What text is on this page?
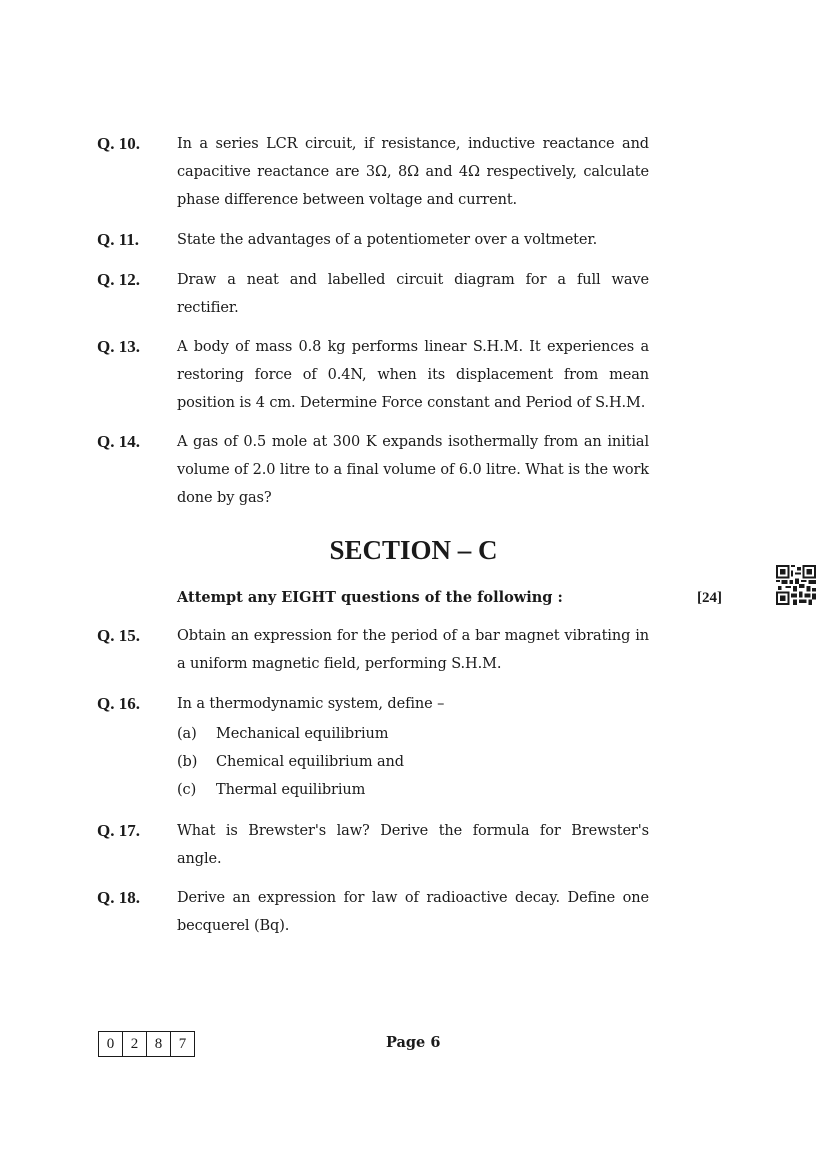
Q. 10.	In a series LCR circuit, if resistance, inductive reactance and capacitive reactance are 3Ω, 8Ω and 4Ω respectively, calculate phase difference between voltage and current.
Q. 11.	State the advantages of a potentiometer over a voltmeter.
Q. 12.	Draw a neat and labelled circuit diagram for a full wave rectifier.
Q. 13.	A body of mass 0.8 kg performs linear S.H.M. It experiences a restoring force of 0.4N, when its displacement from mean position is 4 cm. Determine Force constant and Period of S.H.M.
Q. 14.	A gas of 0.5 mole at 300 K expands isothermally from an initial volume of 2.0 litre to a final volume of 6.0 litre. What is the work done by gas?
SECTION – C
Attempt any EIGHT questions of the following :	[24]
Q. 15.	Obtain an expression for the period of a bar magnet vibrating in a uniform magnetic field, performing S.H.M.
Q. 16.	In a thermodynamic system, define –
(a) Mechanical equilibrium
(b) Chemical equilibrium and
(c) Thermal equilibrium
Q. 17.	What is Brewster's law? Derive the formula for Brewster's angle.
Q. 18.	Derive an expression for law of radioactive decay. Define one becquerel (Bq).
0	2	8	7	Page 6
